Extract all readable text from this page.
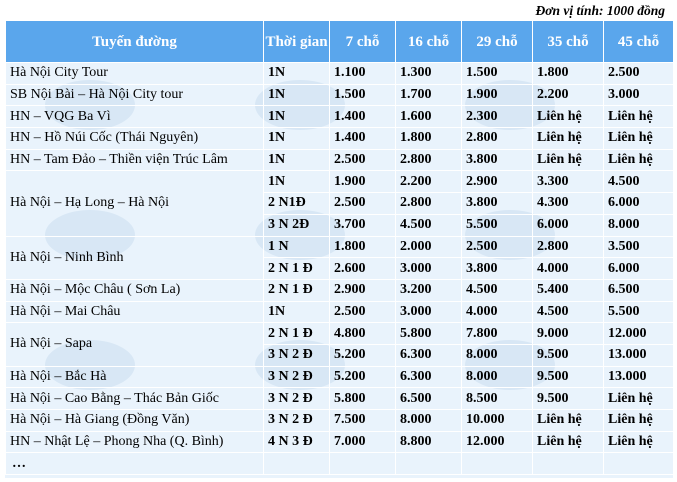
Đơn vị tính: 1000 đồng
Tuyến đường	Thời gian	7 chỗ	16 chỗ	29 chỗ	35 chỗ	45 chỗ
Hà Nội City Tour	1N	1.100	1.300	1.500	1.800	2.500
SB Nội Bài – Hà Nội City tour	1N	1.500	1.700	1.900	2.200	3.000
HN – VQG Ba Vì	1N	1.400	1.600	2.300	Liên hệ	Liên hệ
HN – Hồ Núi Cốc (Thái Nguyên)	1N	1.400	1.800	2.800	Liên hệ	Liên hệ
HN – Tam Đảo – Thiền viện Trúc Lâm	1N	2.500	2.800	3.800	Liên hệ	Liên hệ
Hà Nội – Hạ Long – Hà Nội	1N	1.900	2.200	2.900	3.300	4.500
	2 N1Đ	2.500	2.800	3.800	4.300	6.000
	3 N 2Đ	3.700	4.500	5.500	6.000	8.000
Hà Nội – Ninh Bình	1 N	1.800	2.000	2.500	2.800	3.500
	2 N 1 Đ	2.600	3.000	3.800	4.000	6.000
Hà Nội – Mộc Châu ( Sơn La)	2 N 1 Đ	2.900	3.200	4.500	5.400	6.500
Hà Nội – Mai Châu	1N	2.500	3.000	4.000	4.500	5.500
Hà Nội – Sapa	2 N 1 Đ	4.800	5.800	7.800	9.000	12.000
	3 N 2 Đ	5.200	6.300	8.000	9.500	13.000
Hà Nội – Bắc Hà	3 N 2 Đ	5.200	6.300	8.000	9.500	13.000
Hà Nội – Cao Bằng – Thác Bản Giốc	3 N 2 Đ	5.800	6.500	8.500	9.500	Liên hệ
Hà Nội – Hà Giang (Đồng Văn)	3 N 2 Đ	7.500	8.000	10.000	Liên hệ	Liên hệ
HN – Nhật Lệ – Phong Nha (Q. Bình)	4 N 3 Đ	7.000	8.800	12.000	Liên hệ	Liên hệ
…						
